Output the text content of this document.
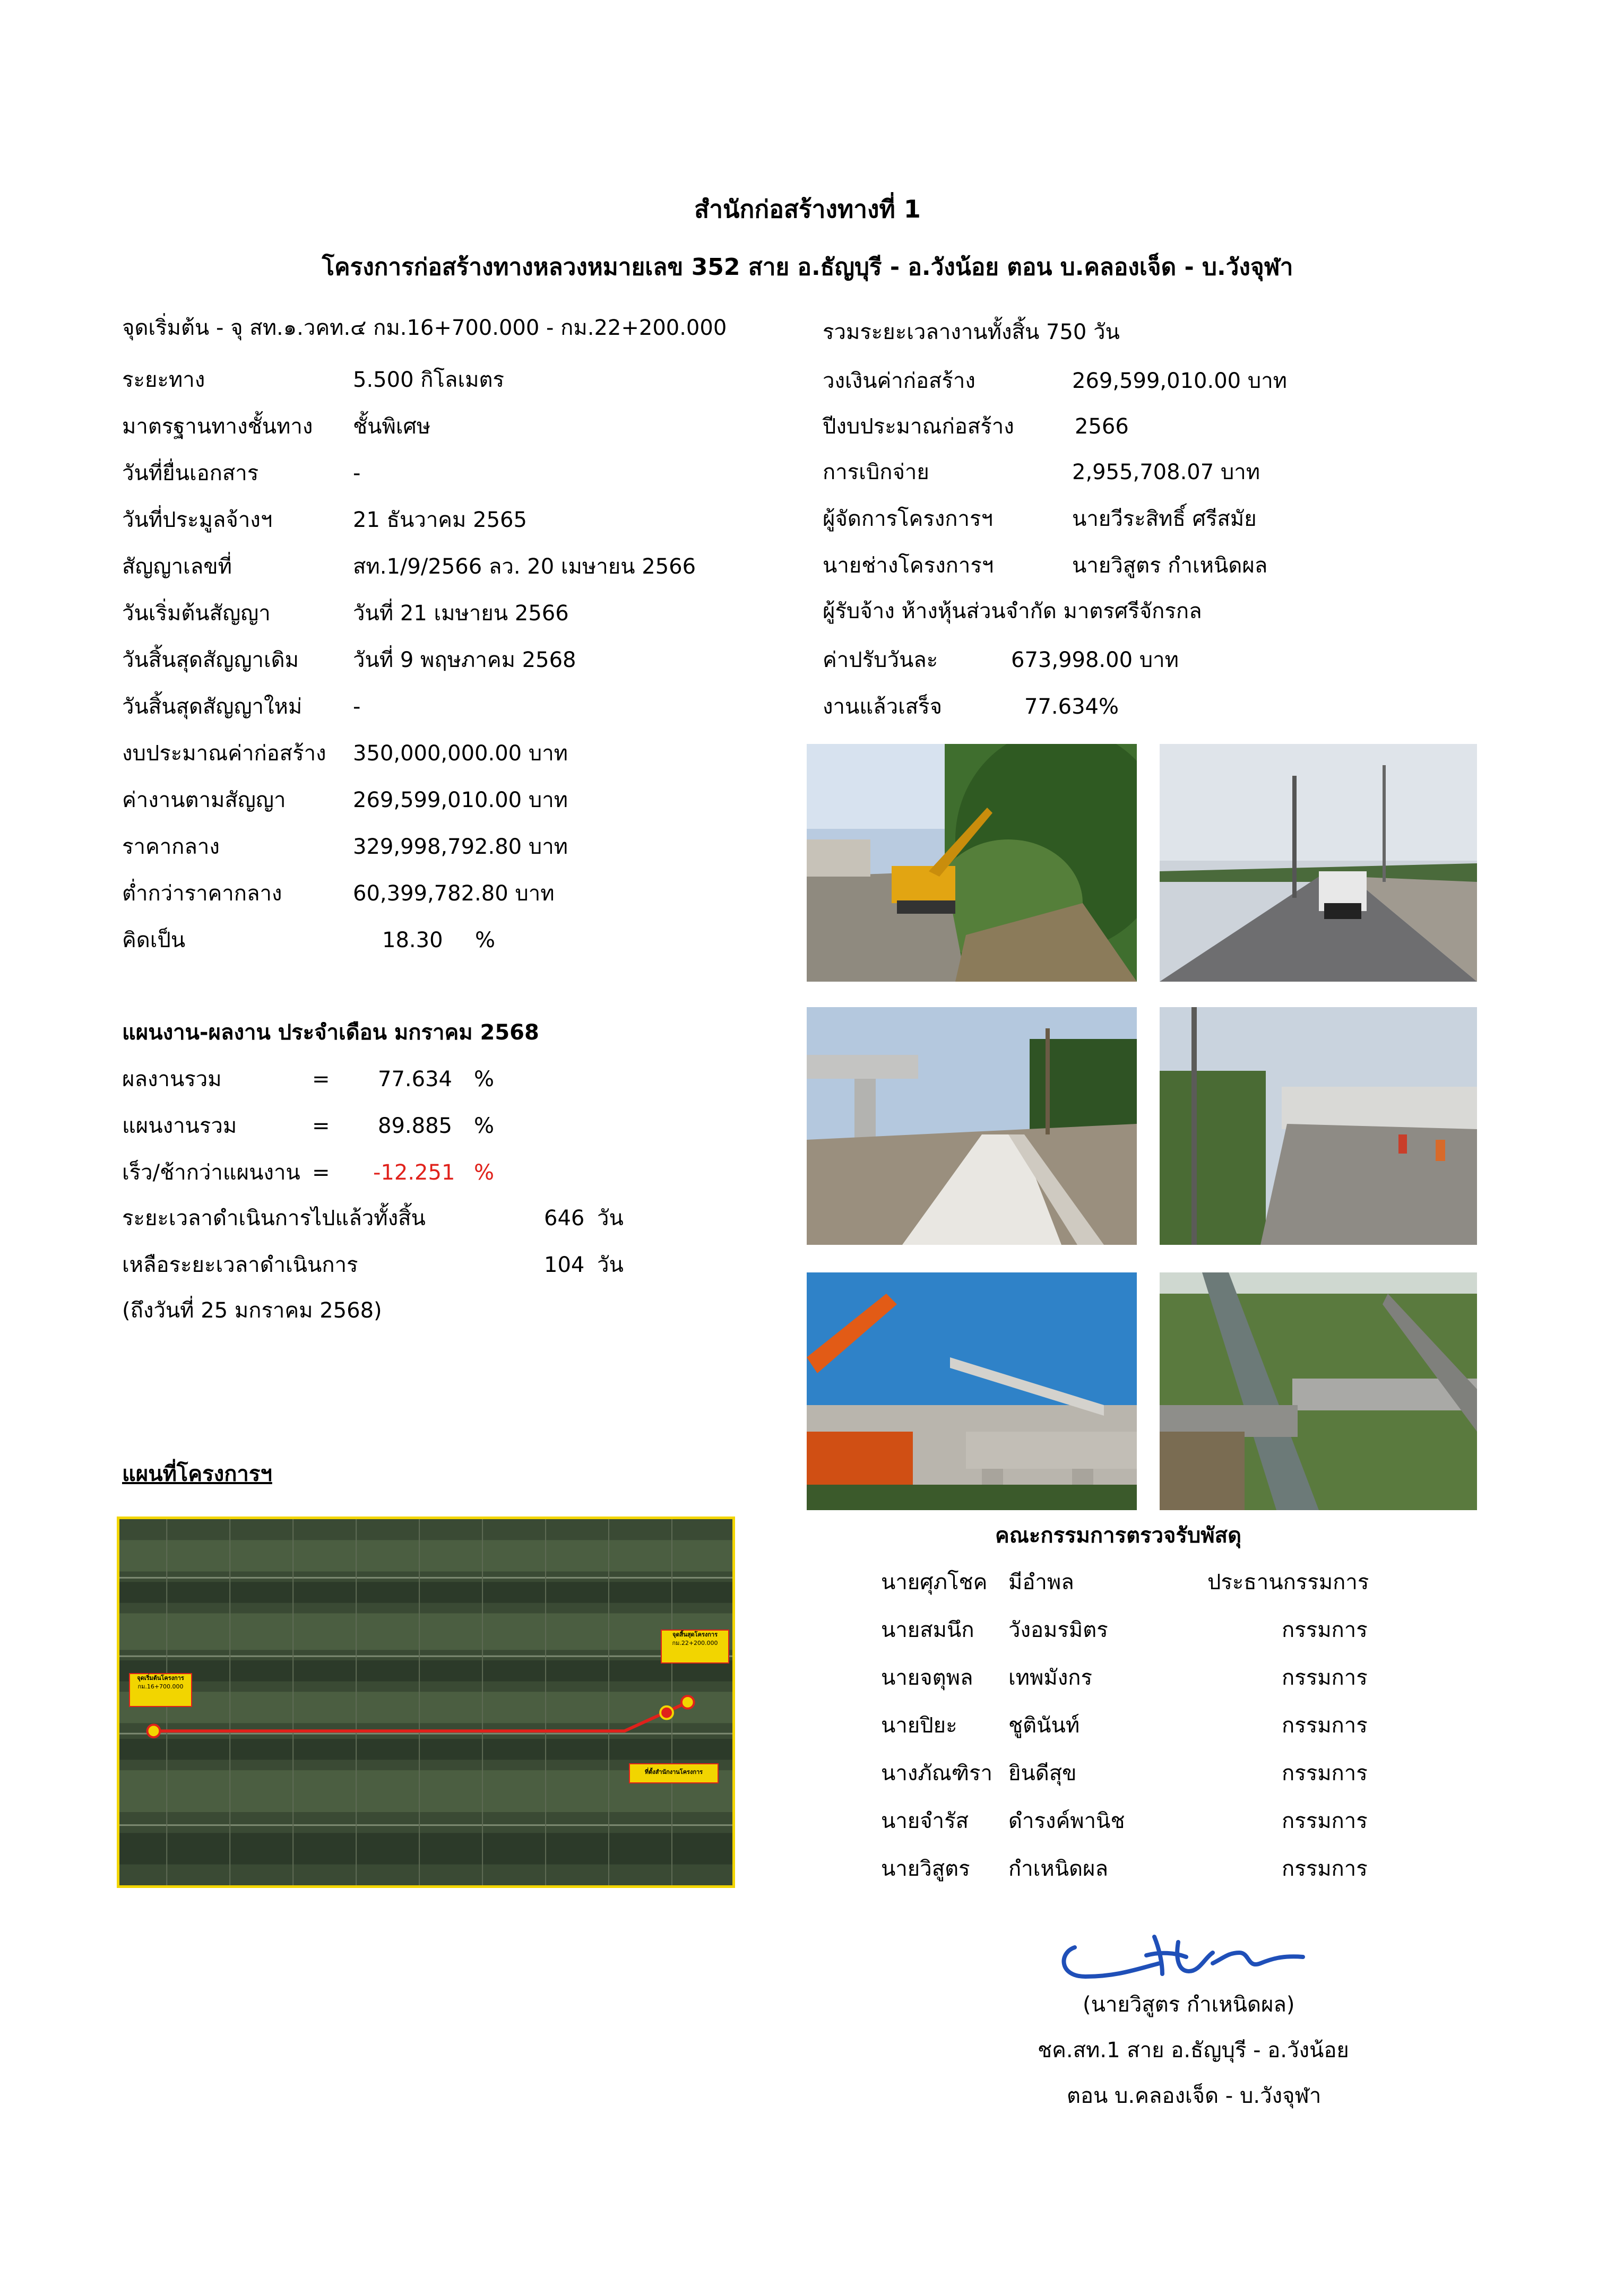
สำนักก่อสร้างทางที่ 1
โครงการก่อสร้างทางหลวงหมายเลข 352 สาย อ.ธัญบุรี - อ.วังน้อย ตอน บ.คลองเจ็ด - บ.วังจุฬา
จุดเริ่มต้น - จุ สท.๑.วคท.๔ กม.16+700.000 - กม.22+200.000
ระยะทาง	5.500 กิโลเมตร
มาตรฐานทางชั้นทาง ชั้นพิเศษ
วันที่ยื่นเอกสาร	-
วันที่ประมูลจ้างฯ	21 ธันวาคม 2565
สัญญาเลขที่	สท.1/9/2566 ลว. 20 เมษายน 2566
วันเริ่มต้นสัญญา	วันที่ 21 เมษายน 2566
วันสิ้นสุดสัญญาเดิม	วันที่ 9 พฤษภาคม 2568
วันสิ้นสุดสัญญาใหม่ -
งบประมาณค่าก่อสร้าง 350,000,000.00 บาท
ค่างานตามสัญญา	269,599,010.00 บาท
ราคากลาง	329,998,792.80 บาท
ต่ำกว่าราคากลาง	60,399,782.80 บาท
คิดเป็น	18.30 %
รวมระยะเวลางานทั้งสิ้น 750 วัน
วงเงินค่าก่อสร้าง	269,599,010.00 บาท
ปีงบประมาณก่อสร้าง	2566
การเบิกจ่าย	2,955,708.07 บาท
ผู้จัดการโครงการฯ	นายวีระสิทธิ์ ศรีสมัย
นายช่างโครงการฯ	นายวิสูตร กำเหนิดผล
ผู้รับจ้าง ห้างหุ้นส่วนจำกัด มาตรศรีจักรกล
ค่าปรับวันละ	673,998.00 บาท
งานแล้วเสร็จ	77.634%
แผนงาน-ผลงาน ประจำเดือน มกราคม 2568
ผลงานรวม	= 77.634 %
แผนงานรวม	= 89.885 %
เร็ว/ช้ากว่าแผนงาน = -12.251 %
ระยะเวลาดำเนินการไปแล้วทั้งสิ้น	646 วัน
เหลือระยะเวลาดำเนินการ	104 วัน
(ถึงวันที่ 25 มกราคม 2568)
แผนที่โครงการฯ
จุดเริ่มต้นโครงการ
กม.16+700.000
จุดสิ้นสุดโครงการ
กม.22+200.000
ที่ตั้งสำนักงานโครงการ
คณะกรรมการตรวจรับพัสดุ
นายศุภโชค มีอำพล	ประธานกรรมการ
นายสมนึก วังอมรมิตร	กรรมการ
นายจตุพล เทพมังกร	กรรมการ
นายปิยะ ชูตินันท์	กรรมการ
นางภัณฑิรา ยินดีสุข	กรรมการ
นายจำรัส ดำรงค์พานิช	กรรมการ
นายวิสูตร กำเหนิดผล	กรรมการ
(นายวิสูตร กำเหนิดผล)
ชค.สท.1 สาย อ.ธัญบุรี - อ.วังน้อย
ตอน บ.คลองเจ็ด - บ.วังจุฬา
